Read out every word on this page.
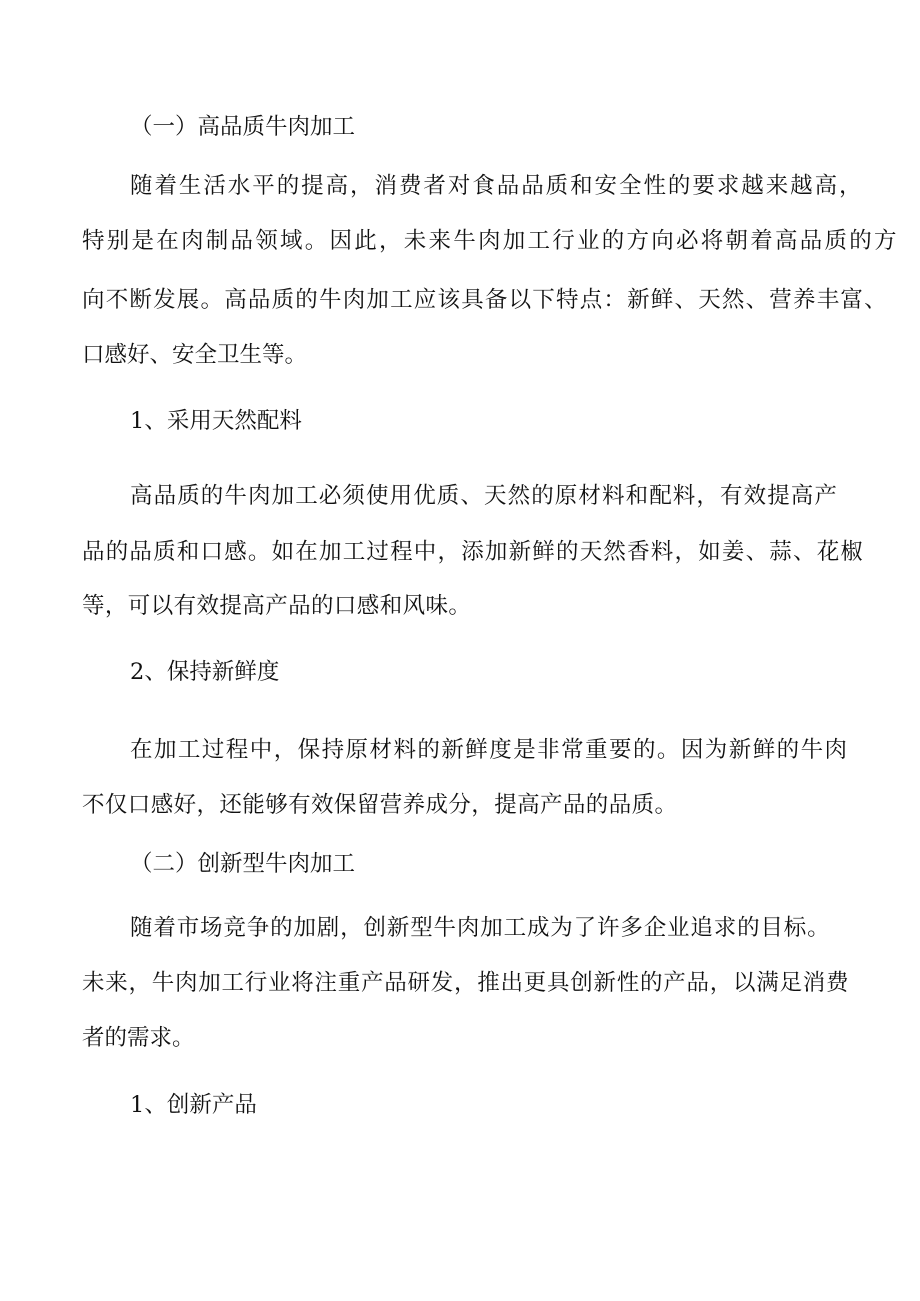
（一）高品质牛肉加工
随着生活水平的提高，消费者对食品品质和安全性的要求越来越高，
特别是在肉制品领域。因此，未来牛肉加工行业的方向必将朝着高品质的方
向不断发展。高品质的牛肉加工应该具备以下特点：新鲜、天然、营养丰富、
口感好、安全卫生等。
1、采用天然配料
高品质的牛肉加工必须使用优质、天然的原材料和配料，有效提高产
品的品质和口感。如在加工过程中，添加新鲜的天然香料，如姜、蒜、花椒
等，可以有效提高产品的口感和风味。
2、保持新鲜度
在加工过程中，保持原材料的新鲜度是非常重要的。因为新鲜的牛肉
不仅口感好，还能够有效保留营养成分，提高产品的品质。
（二）创新型牛肉加工
随着市场竞争的加剧，创新型牛肉加工成为了许多企业追求的目标。
未来，牛肉加工行业将注重产品研发，推出更具创新性的产品，以满足消费
者的需求。
1、创新产品
